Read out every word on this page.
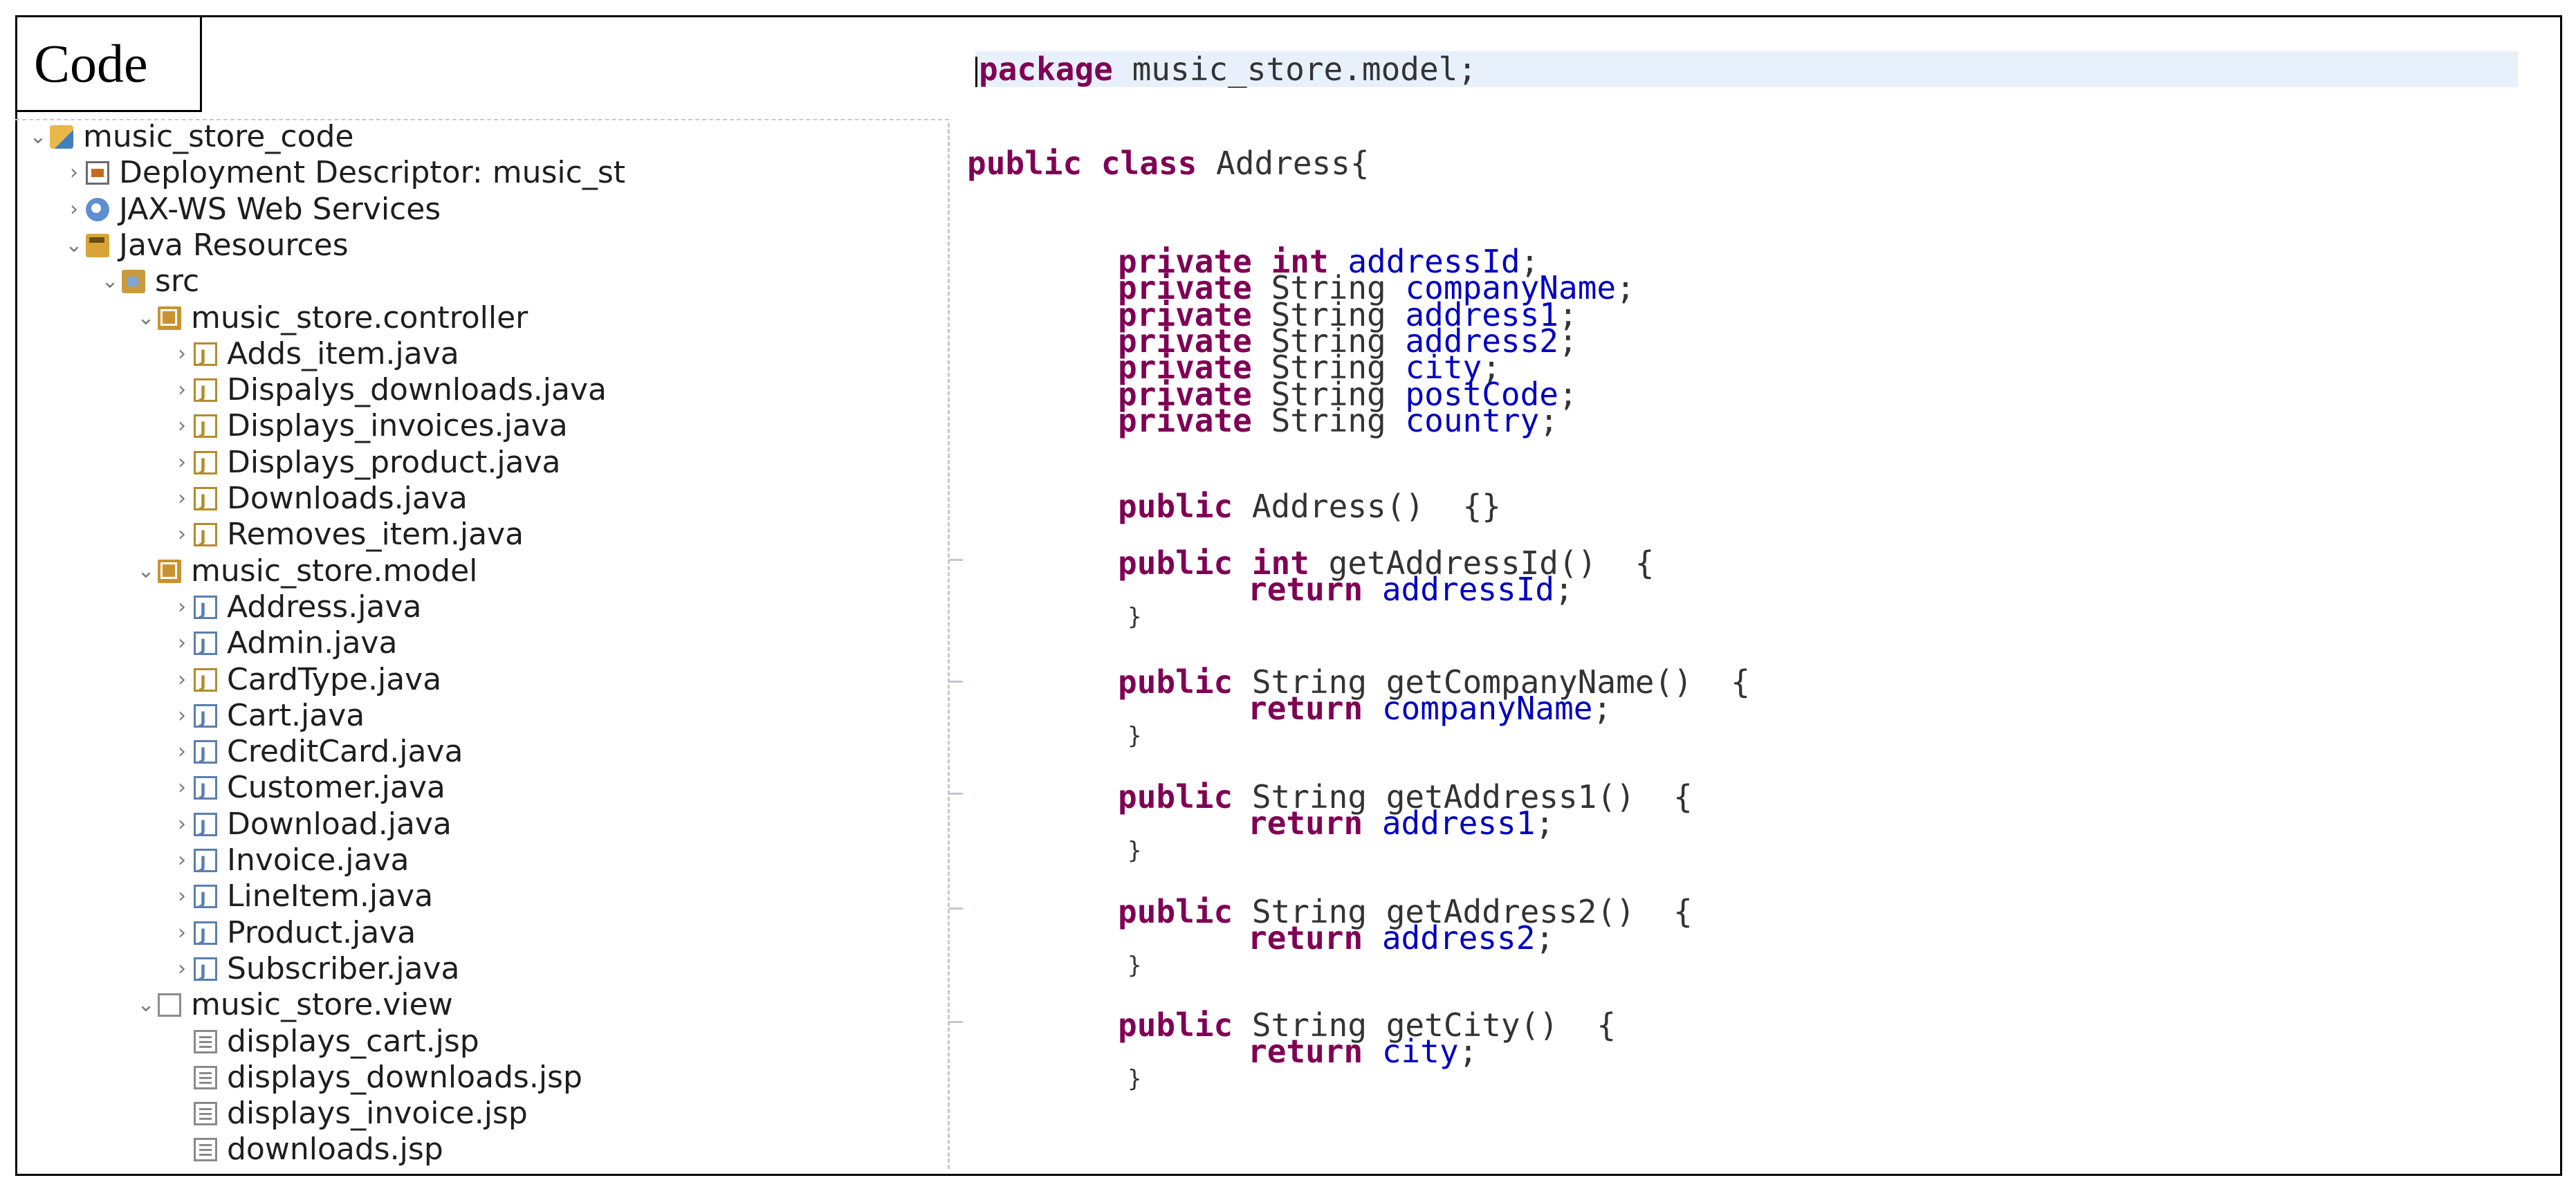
Code
⌄ music_store_code
› Deployment Descriptor: music_st
› JAX-WS Web Services
⌄ Java Resources
⌄ src
⌄ music_store.controller
› J Adds_item.java
› J Dispalys_downloads.java
› J Displays_invoices.java
› J Displays_product.java
› J Downloads.java
› J Removes_item.java
⌄ music_store.model
› J Address.java
› J Admin.java
› J CardType.java
› J Cart.java
› J CreditCard.java
› J Customer.java
› J Download.java
› J Invoice.java
› J LineItem.java
› J Product.java
› J Subscriber.java
⌄ music_store.view
displays_cart.jsp
displays_downloads.jsp
displays_invoice.jsp
downloads.jsp
package music_store.model;
public class Address{
private int addressId;
private String companyName;
private String address1;
private String address2;
private String city;
private String postCode;
private String country;
public Address()  {}
public int getAddressId()  {
return addressId;
}
public String getCompanyName()  {
return companyName;
}
public String getAddress1()  {
return address1;
}
public String getAddress2()  {
return address2;
}
public String getCity()  {
return city;
}
